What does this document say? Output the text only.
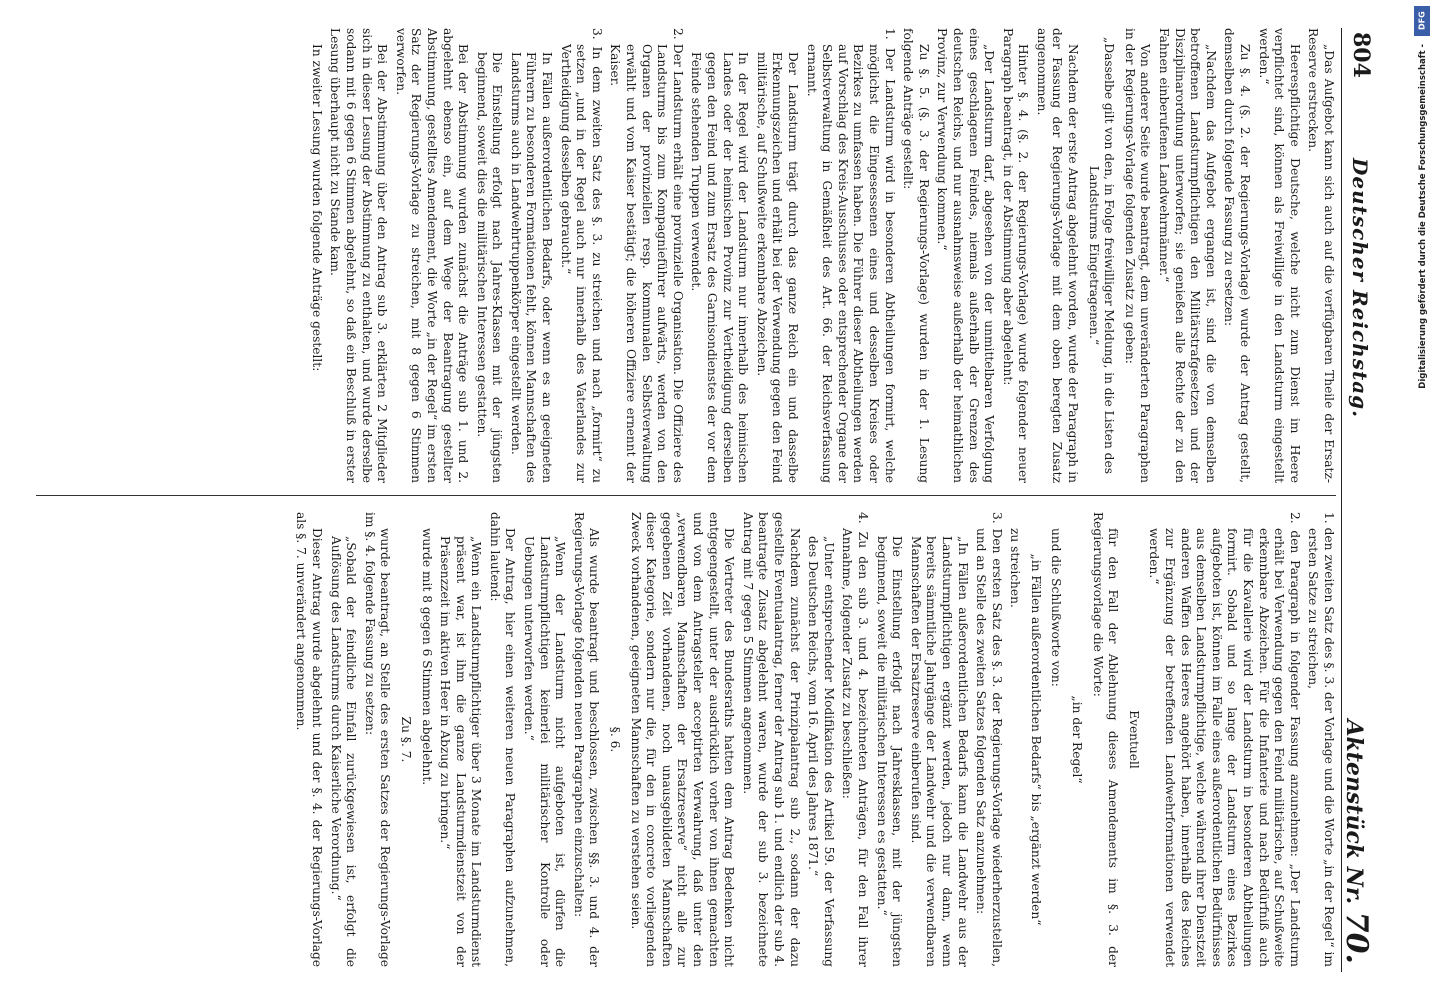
804
Deutscher Reichstag.
Aktenstück Nr. 70.

„Das Aufgebot kann sich auch auf die verfügbaren Theile der Ersatz-Reserve erstrecken.

Heerespflichtige Deutsche, welche nicht zum Dienst im Heere verpflichtet sind, können als Freiwillige in den Landsturm eingestellt werden.“

Zu §. 4. (§. 2. der Regierungs-Vorlage) wurde der Antrag gestellt, demselben durch folgende Fassung zu ersetzen:

„Nachdem das Aufgebot ergangen ist, sind die von demselben betroffenen Landsturmpflichtigen den Militärstrafgesetzen und der Disziplinarordnung unterworfen; sie genießen alle Rechte der zu den Fahnen einberufenen Landwehrmänner.“

Von anderer Seite wurde beantragt, dem unveränderten Paragraphen in der Regierungs-Vorlage folgenden Zusatz zu geben:

„Dasselbe gilt von den, in Folge freiwilliger Meldung, in die Listen des Landsturms Eingetragenen.“

Nachdem der erste Antrag abgelehnt worden, wurde der Paragraph in der Fassung der Regierungs-Vorlage mit dem oben beregten Zusatz angenommen.

Hinter §. 4. (§. 2. der Regierungs-Vorlage) wurde folgender neuer Paragraph beantragt, in der Abstimmung aber abgelehnt:

„Der Landsturm darf, abgesehen von der unmittelbaren Verfolgung eines geschlagenen Feindes, niemals außerhalb der Grenzen des deutschen Reichs, und nur ausnahmsweise außerhalb der heimathlichen Provinz, zur Verwendung kommen.“

Zu §. 5. (§. 3. der Regierungs-Vorlage) wurden in der 1. Lesung folgende Anträge gestellt:

1. Der Landsturm wird in besonderen Abtheilungen formirt, welche möglichst die Eingesessenen eines und desselben Kreises oder Bezirkes zu umfassen haben. Die Führer dieser Abtheilungen werden auf Vorschlag des Kreis-Ausschusses oder entsprechender Organe der Selbstverwaltung in Gemäßheit des Art. 66. der Reichsverfassung ernannt.

Der Landsturm trägt durch das ganze Reich ein und dasselbe Erkennungszeichen und erhält bei der Verwendung gegen den Feind militärische, auf Schußweite erkennbare Abzeichen.

In der Regel wird der Landsturm nur innerhalb des heimischen Landes oder der heimischen Provinz zur Vertheidigung derselben gegen den Feind und zum Ersatz des Garnisondienstes der vor dem Feinde stehenden Truppen verwendet.

2. Der Landsturm erhält eine provinzielle Organisation. Die Offiziere des Landsturms bis zum Kompagnieführer aufwärts, werden von den Organen der provinziellen resp. kommunalen Selbstverwaltung erwählt und vom Kaiser bestätigt; die höheren Offiziere ernennt der Kaiser.

3. In dem zweiten Satz des §. 3. zu streichen und nach „formirt“ zu setzen „und in der Regel auch nur innerhalb des Vaterlandes zur Vertheidigung desselben gebraucht.“

In Fällen außerordentlichen Bedarfs, oder wenn es an geeigneten Führern zu besonderen Formationen fehlt, können Mannschaften des Landsturms auch in Landwehrtruppenkörper eingestellt werden.

Die Einstellung erfolgt nach Jahres-Klassen mit der jüngsten beginnend, soweit dies die militärischen Interessen gestatten.

Bei der Abstimmung wurden zunächst die Anträge sub 1. und 2. abgelehnt ebenso ein, auf dem Wege der Beantragung gestellter Abstimmung, gestelltes Amendement, die Worte „in der Regel“ im ersten Satz der Regierungs-Vorlage zu streichen, mit 8 gegen 6 Stimmen verworfen.

Bei der Abstimmung über den Antrag sub 3. erklärten 2 Mitglieder sich in dieser Lesung der Abstimmung zu enthalten, und wurde derselbe sodann mit 6 gegen 6 Stimmen abgelehnt, so daß ein Beschluß in erster Lesung überhaupt nicht zu Stande kam.

In zweiter Lesung wurden folgende Anträge gestellt:

1. den zweiten Satz des §. 3. der Vorlage und die Worte „in der Regel“ im ersten Satze zu streichen,

2. den Paragraph in folgender Fassung anzunehmen: „Der Landsturm erhält bei Verwendung gegen den Feind militärische, auf Schußweite erkennbare Abzeichen. Für die Infanterie und nach Bedürfniß auch für die Kavallerie wird der Landsturm in besonderen Abtheilungen formirt. Sobald und so lange der Landsturm eines Bezirkes aufgeboten ist, können im Falle eines außerordentlichen Bedürfnisses aus demselben Landsturmpflichtige, welche während ihrer Dienstzeit anderen Waffen des Heeres angehört haben, innerhalb des Reiches zur Ergänzung der betreffenden Landwehrformationen verwendet werden.“

Eventuell

für den Fall der Ablehnung dieses Amendements im §. 3. der Regierungsvorlage die Worte:

„in der Regel“

und die Schlußworte von:

„in Fällen außerordentlichen Bedarfs“ bis „ergänzt werden“

zu streichen.

3. Den ersten Satz des §. 3. der Regierungs-Vorlage wiederherzustellen, und an Stelle des zweiten Satzes folgenden Satz anzunehmen:

„In Fällen außerordentlichen Bedarfs kann die Landwehr aus der Landsturmpflichtigen ergänzt werden, jedoch nur dann, wenn bereits sämmtliche Jahrgänge der Landwehr und die verwendbaren Mannschaften der Ersatzreserve einberufen sind.

Die Einstellung erfolgt nach Jahresklassen, mit der jüngsten beginnend, soweit die militärischen Interessen es gestatten.“

4. Zu den sub 3. und 4. bezeichneten Anträgen, für den Fall ihrer Annahme, folgender Zusatz zu beschließen:

„Unter entsprechender Modifikation des Artikel 59. der Verfassung des Deutschen Reichs, vom 16. April des Jahres 1871.“

Nachdem zunächst der Prinzipalantrag sub 2., sodann der dazu gestellte Eventualantrag, ferner der Antrag sub 1. und endlich der sub 4. beantragte Zusatz abgelehnt waren, wurde der sub 3. bezeichnete Antrag mit 7 gegen 5 Stimmen angenommen.

Die Vertreter des Bundesraths hatten dem Antrag Bedenken nicht entgegengestellt, unter der ausdrücklich vorher von ihnen gemachten und von dem Antragsteller acceptirten Verwahrung, daß unter den „verwendbaren Mannschaften der Ersatzreserve“ nicht alle zur gegebenen Zeit vorhandenen, noch unausgebildeten Mannschaften dieser Kategorie, sondern nur die, für den in concreto vorliegenden Zweck vorhandenen, geeigneten Mannschaften zu verstehen seien.

§. 6.

Als wurde beantragt und beschlossen, zwischen §§. 3. und 4. der Regierungs-Vorlage folgenden neuen Paragraphen einzuschalten:

„Wenn der Landsturm nicht aufgeboten ist, dürfen die Landsturmpflichtigen keinerlei militärischer Kontrolle oder Uebungen unterworfen werden.“

Der Antrag, hier einen weiteren neuen Paragraphen aufzunehmen, dahin lautend:

„Wenn ein Landsturmpflichtiger über 3 Monate im Landsturmdienst präsent war, ist ihm die ganze Landsturmdienstzeit von der Präsenzzeit im aktiven Heer in Abzug zu bringen.“

wurde mit 8 gegen 6 Stimmen abgelehnt.

Zu §. 7.

wurde beantragt, an Stelle des ersten Satzes der Regierungs-Vorlage im §. 4. folgende Fassung zu setzen:

„Sobald der feindliche Einfall zurückgewiesen ist, erfolgt die Auflösung des Landsturms durch Kaiserliche Verordnung.“

Dieser Antrag wurde abgelehnt und der §. 4. der Regierungs-Vorlage als §. 7. unverändert angenommen.

DFG
Digitalisierung gefördert durch die Deutsche Forschungsgemeinschaft -
